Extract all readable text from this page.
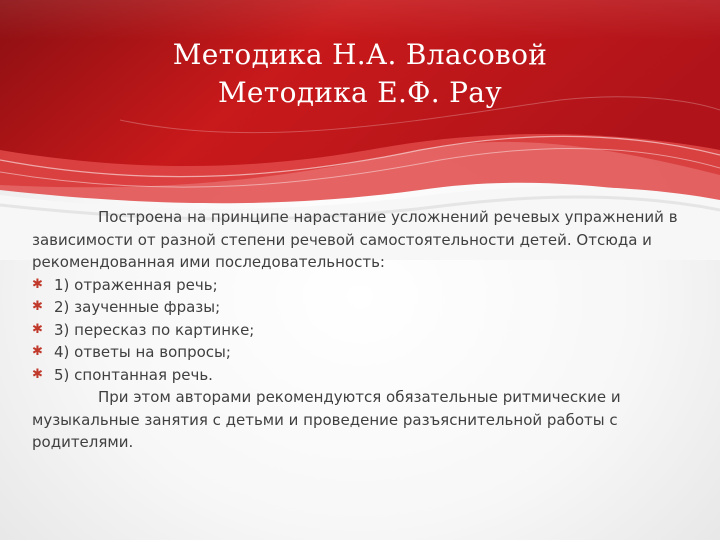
Методика Н.А. Власовой
Методика Е.Ф. Рау

Построена на принципе нарастание усложнений речевых упражнений в зависимости от разной степени речевой самостоятельности детей. Отсюда и рекомендованная ими последовательность:

✱ 1) отраженная речь;
✱ 2) заученные фразы;
✱ 3) пересказ по картинке;
✱ 4) ответы на вопросы;
✱ 5) спонтанная речь.

При этом авторами рекомендуются обязательные ритмические и музыкальные занятия с детьми и проведение разъяснительной работы с родителями.
